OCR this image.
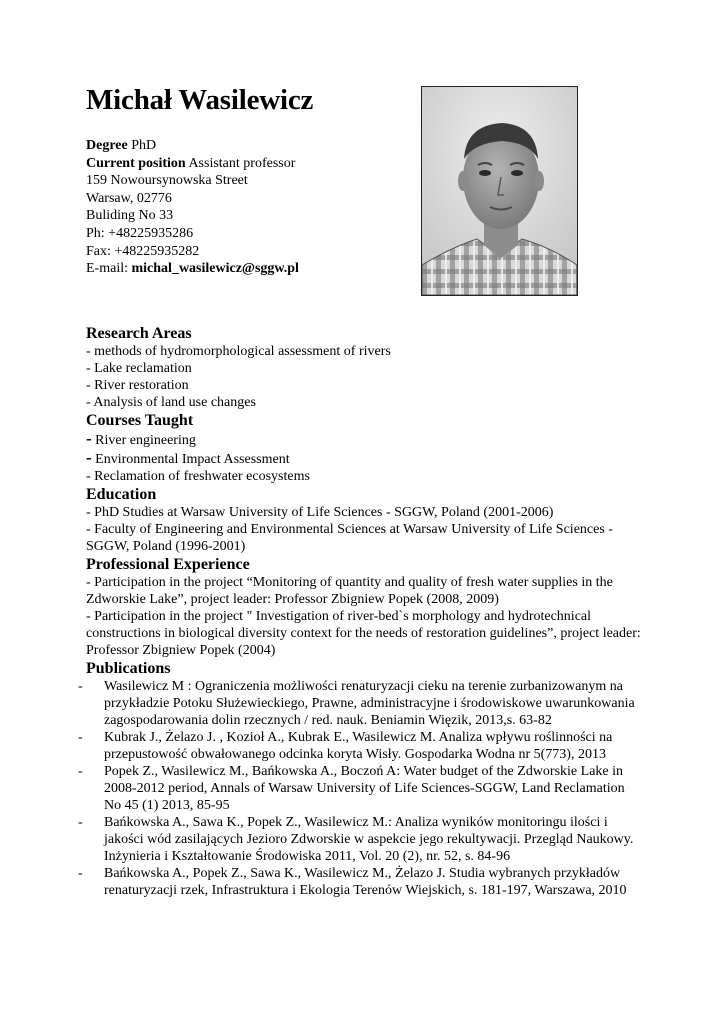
Michał Wasilewicz
Degree PhD
Current position Assistant professor
159 Nowoursynowska Street
Warsaw, 02776
Buliding No 33
Ph: +48225935286
Fax: +48225935282
E-mail: michal_wasilewicz@sggw.pl
Research Areas
- methods of hydromorphological assessment of rivers
- Lake reclamation
- River restoration
- Analysis of land use changes
Courses Taught
- River engineering
- Environmental Impact Assessment
- Reclamation of freshwater ecosystems
Education
- PhD Studies at Warsaw University of Life Sciences - SGGW, Poland (2001-2006)
- Faculty of Engineering and Environmental Sciences at Warsaw University of Life Sciences - SGGW, Poland (1996-2001)
Professional Experience
- Participation in the project “Monitoring of quantity and quality of fresh water supplies in the Zdworskie Lake”, project leader: Professor Zbigniew Popek (2008, 2009)
- Participation in the project " Investigation of river-bed`s morphology and hydrotechnical constructions in biological diversity context for the needs of restoration guidelines”, project leader: Professor Zbigniew Popek (2004)
Publications
- Wasilewicz M : Ograniczenia możliwości renaturyzacji cieku na terenie zurbanizowanym na przykładzie Potoku Służewieckiego, Prawne, administracyjne i środowiskowe uwarunkowania zagospodarowania dolin rzecznych / red. nauk. Beniamin Więzik, 2013,s. 63-82
- Kubrak J., Żelazo J. , Kozioł A., Kubrak E., Wasilewicz M. Analiza wpływu roślinności na przepustowość obwałowanego odcinka koryta Wisły. Gospodarka Wodna nr 5(773), 2013
- Popek Z., Wasilewicz M., Bańkowska A., Boczoń A: Water budget of the Zdworskie Lake in 2008-2012 period, Annals of Warsaw University of Life Sciences-SGGW, Land Reclamation No 45 (1) 2013, 85-95
- Bańkowska A., Sawa K., Popek Z., Wasilewicz M.: Analiza wyników monitoringu ilości i jakości wód zasilających Jezioro Zdworskie w aspekcie jego rekultywacji. Przegląd Naukowy. Inżynieria i Kształtowanie Środowiska 2011, Vol. 20 (2), nr. 52, s. 84-96
- Bańkowska A., Popek Z., Sawa K., Wasilewicz M., Żelazo J. Studia wybranych przykładów renaturyzacji rzek, Infrastruktura i Ekologia Terenów Wiejskich, s. 181-197, Warszawa, 2010
